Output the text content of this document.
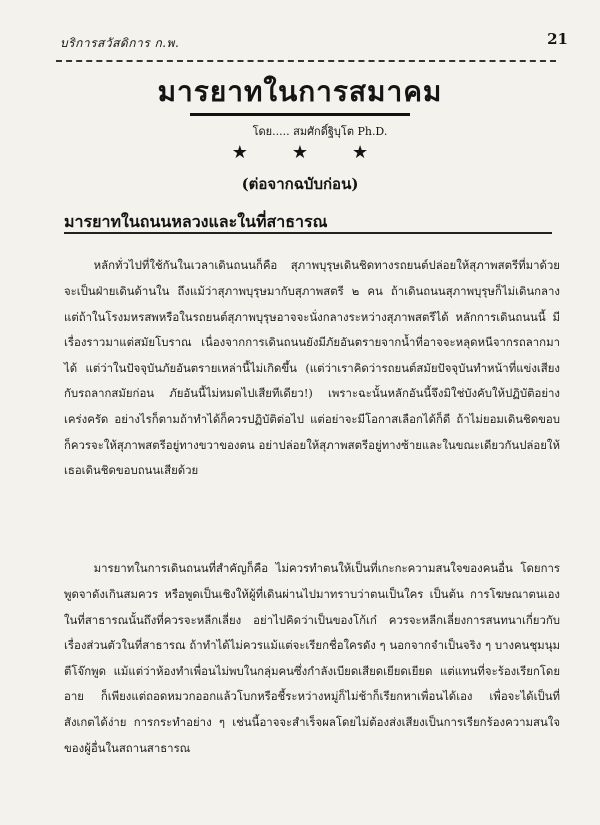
บริการสวัสดิการ ก.พ.	21
มารยาทในการสมาคม
โดย..... สมศักดิ์ฐิบุโต Ph.D.
★★★
(ต่อจากฉบับก่อน)
มารยาทในถนนหลวงและในที่สาธารณ

หลักทั่วไปที่ใช้กันในเวลาเดินถนนก็คือ สุภาพบุรุษเดินชิดทางรถยนต์ปล่อยให้สุภาพสตรีที่มาด้วยจะเป็นฝ่ายเดินด้านใน ถึงแม้ว่าสุภาพบุรุษมากับสุภาพสตรี ๒ คน ถ้าเดินถนนสุภาพบุรุษก็ไม่เดินกลาง แต่ถ้าในโรงมหรสพหรือในรถยนต์สุภาพบุรุษอาจจะนั่งกลางระหว่างสุภาพสตรีได้ หลักการเดินถนนนี้ มีเรื่องราวมาแต่สมัยโบราณ เนื่องจากการเดินถนนยังมีภัยอันตรายจากน้ำที่อาจจะหลุดหนีจากรถลากมาได้ แต่ว่าในปัจจุบันภัยอันตรายเหล่านี้ไม่เกิดขึ้น (แต่ว่าเราคิดว่ารถยนต์สมัยปัจจุบันทำหน้าที่แข่งเสียงกับรถลากสมัยก่อน ภัยอันนี้ไม่หมดไปเสียทีเดียว!) เพราะฉะนั้นหลักอันนี้จึงมิใช่บังคับให้ปฏิบัติอย่างเคร่งครัด อย่างไรก็ตามถ้าทำได้ก็ควรปฏิบัติต่อไป แต่อย่าจะมีโอกาสเลือกได้ก็ดี ถ้าไม่ยอมเดินชิดขอบ ก็ควรจะให้สุภาพสตรีอยู่ทางขวาของตน อย่าปล่อยให้สุภาพสตรีอยู่ทางซ้ายและในขณะเดียวกันปล่อยให้เธอเดินชิดขอบถนนเสียด้วย

มารยาทในการเดินถนนที่สำคัญก็คือ ไม่ควรทำตนให้เป็นที่เกะกะความสนใจของคนอื่น โดยการพูดจาดังเกินสมควร หรือพูดเป็นเชิงให้ผู้ที่เดินผ่านไปมาทราบว่าตนเป็นใคร เป็นต้น การโฆษณาตนเองในที่สาธารณนั้นถึงที่ควรจะหลีกเลี่ยง อย่าไปคิดว่าเป็นของโก้เก๋ ควรจะหลีกเลี่ยงการสนทนาเกี่ยวกับเรื่องส่วนตัวในที่สาธารณ ถ้าทำได้ไม่ควรแม้แต่จะเรียกชื่อใครดัง ๆ นอกจากจำเป็นจริง ๆ บางคนชุมนุมตีโจ๊กพูด แม้แต่ว่าห้องทำเพื่อนไม่พบในกลุ่มคนซึ่งกำลังเบียดเสียดเยียดเยียด แต่แทนที่จะร้องเรียกโดยอาย ก็เพียงแต่ถอดหมวกออกแล้วโบกหรือชี้ระหว่างหมู่ก็ไม่ช้าก็เรียกหาเพื่อนได้เอง เพื่อจะได้เป็นที่สังเกตได้ง่าย การกระทำอย่าง ๆ เช่นนี้อาจจะสำเร็จผลโดยไม่ต้องส่งเสียงเป็นการเรียกร้องความสนใจของผู้อื่นในสถานสาธารณ
